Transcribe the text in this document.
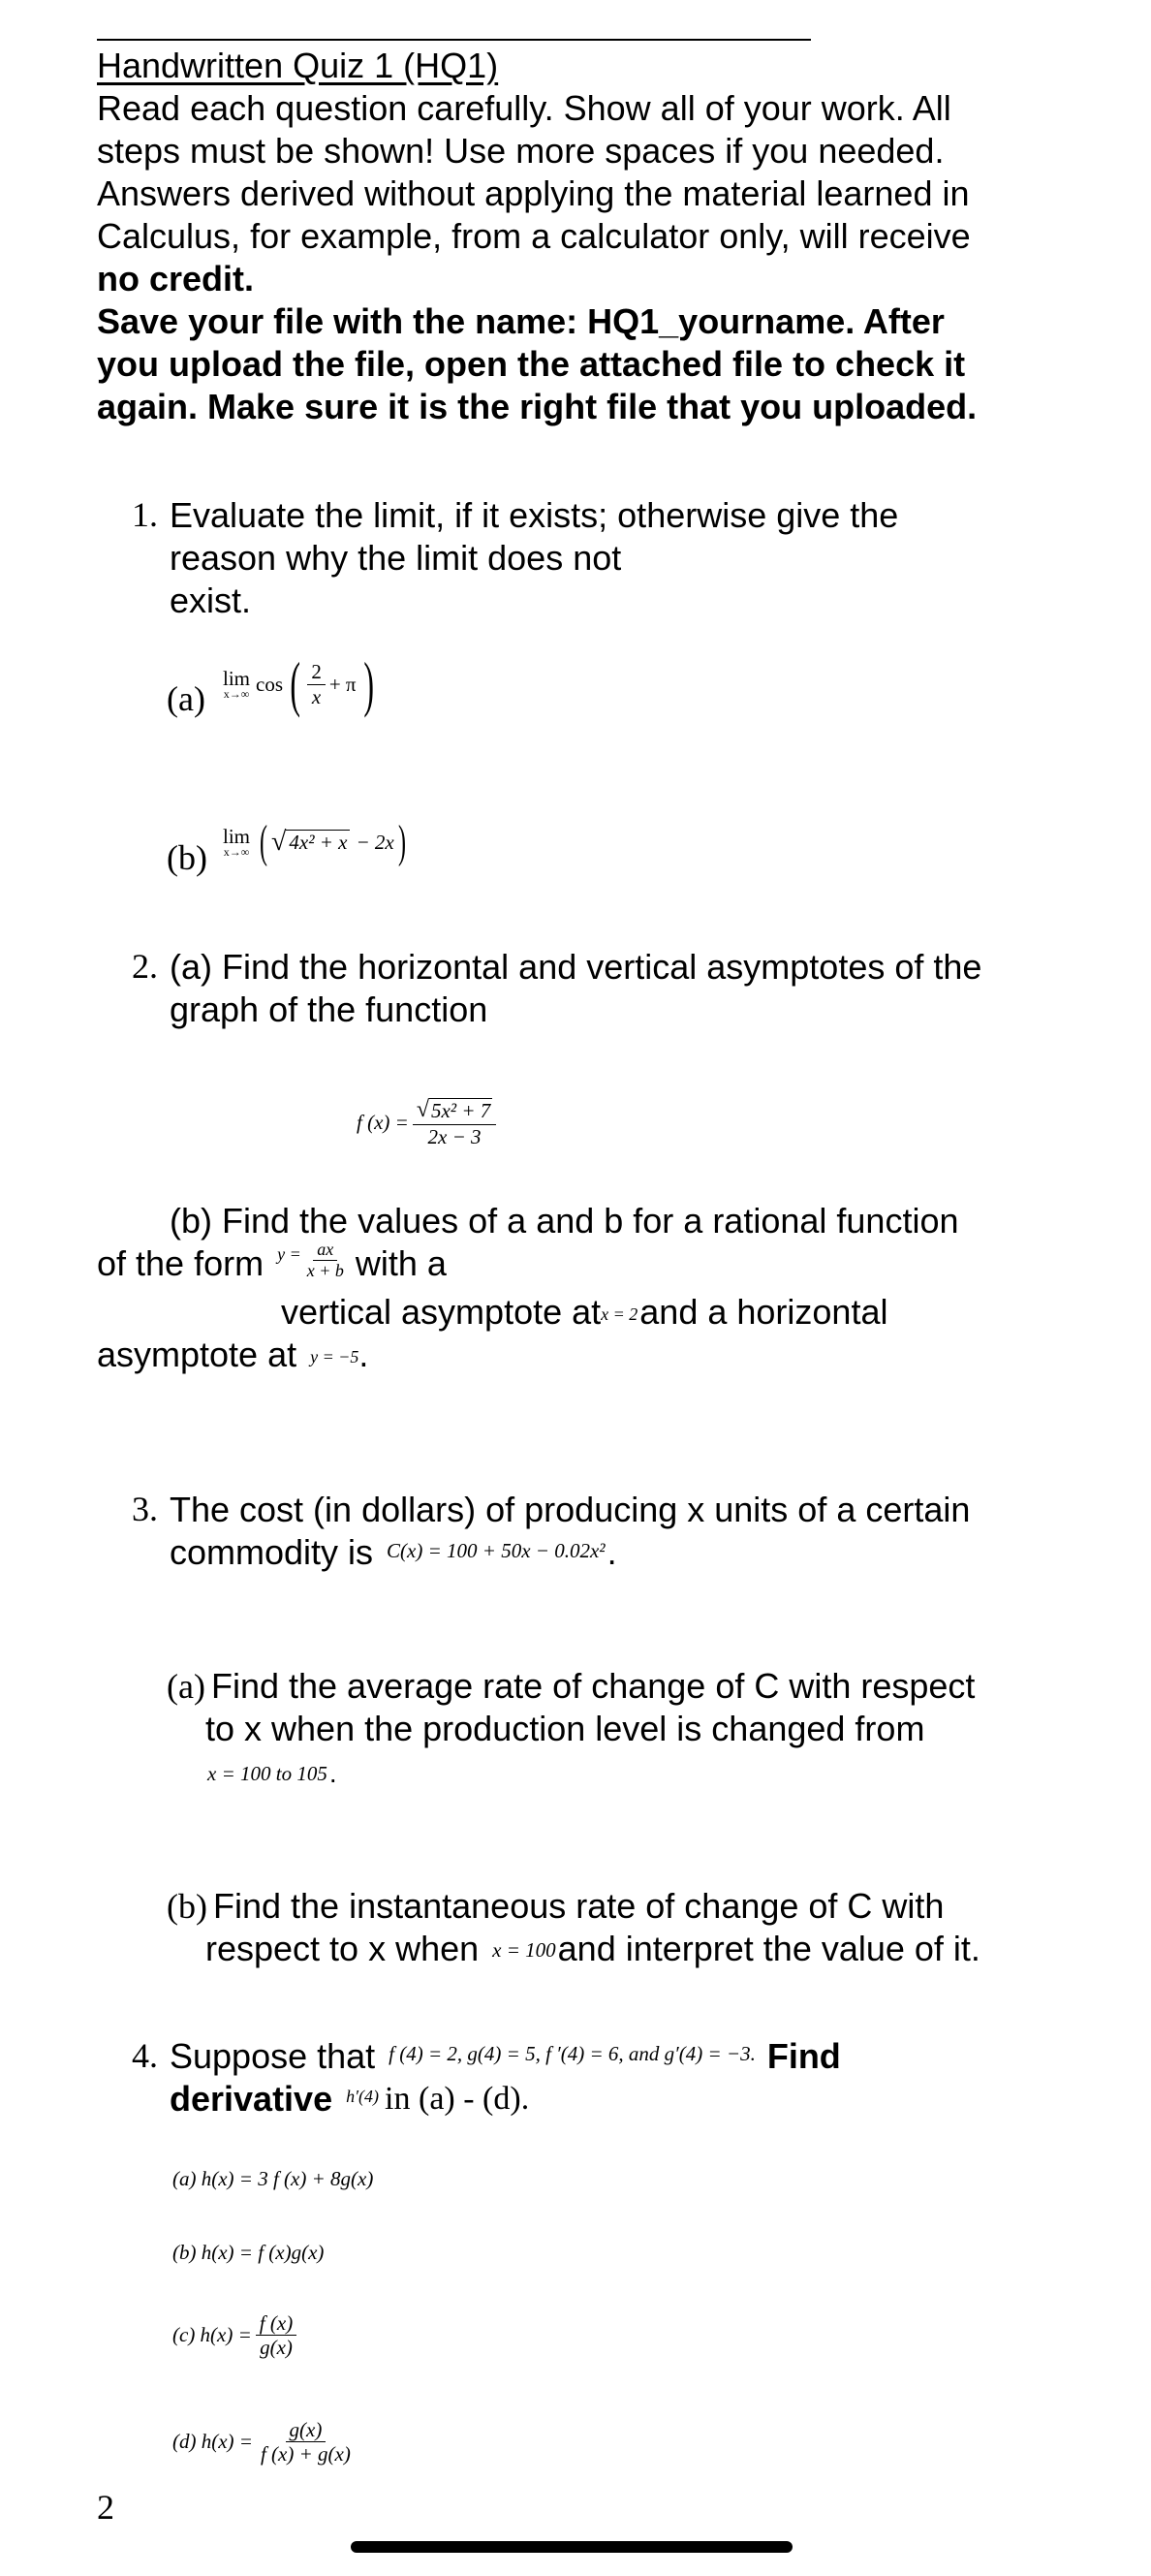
Handwritten Quiz 1 (HQ1)
Read each question carefully. Show all of your work. All
steps must be shown! Use more spaces if you needed.
Answers derived without applying the material learned in
Calculus, for example, from a calculator only, will receive
no credit.
Save your file with the name: HQ1_yourname. After
you upload the file, open the attached file to check it
again. Make sure it is the right file that you uploaded.
1. Evaluate the limit, if it exists; otherwise give the
reason why the limit does not
exist.
(a)
lim
x→∞ cos ( $\frac{2}{x} + \pi$ )
(b)
lim
x→∞ ( √ 4x² + x − 2x )
2. (a) Find the horizontal and vertical asymptotes of the
graph of the function
f $(x) = \frac{\text{√ 5x² + 7}}{2x - 3}$
(b) Find the values of a and b for a rational function
of the form $y = \frac{ax}{x + b}$ with a
vertical asymptote at x = 2 and a horizontal
asymptote at y = −5 .
3. The cost (in dollars) of producing x units of a certain
commodity is C(x) = 100 + 50x − 0.02x² .
(a) Find the average rate of change of C with respect
to x when the production level is changed from
x = 100 to 105 .
(b) Find the instantaneous rate of change of C with
respect to x when x = 100 and interpret the value of it.
4. Suppose that f (4) = 2, g(4) = 5, f ′(4) = 6, and g′(4) = −3. Find
derivative h′(4) in (a) - (d).
(a) h(x) = 3 f (x) + 8g(x)
(b) h(x) = f (x)g(x)
(c) $h(x) = \frac{f (x)}{g(x)}$
(d) $h(x) = \frac{g(x)}{f (x) + g(x)}$
2
